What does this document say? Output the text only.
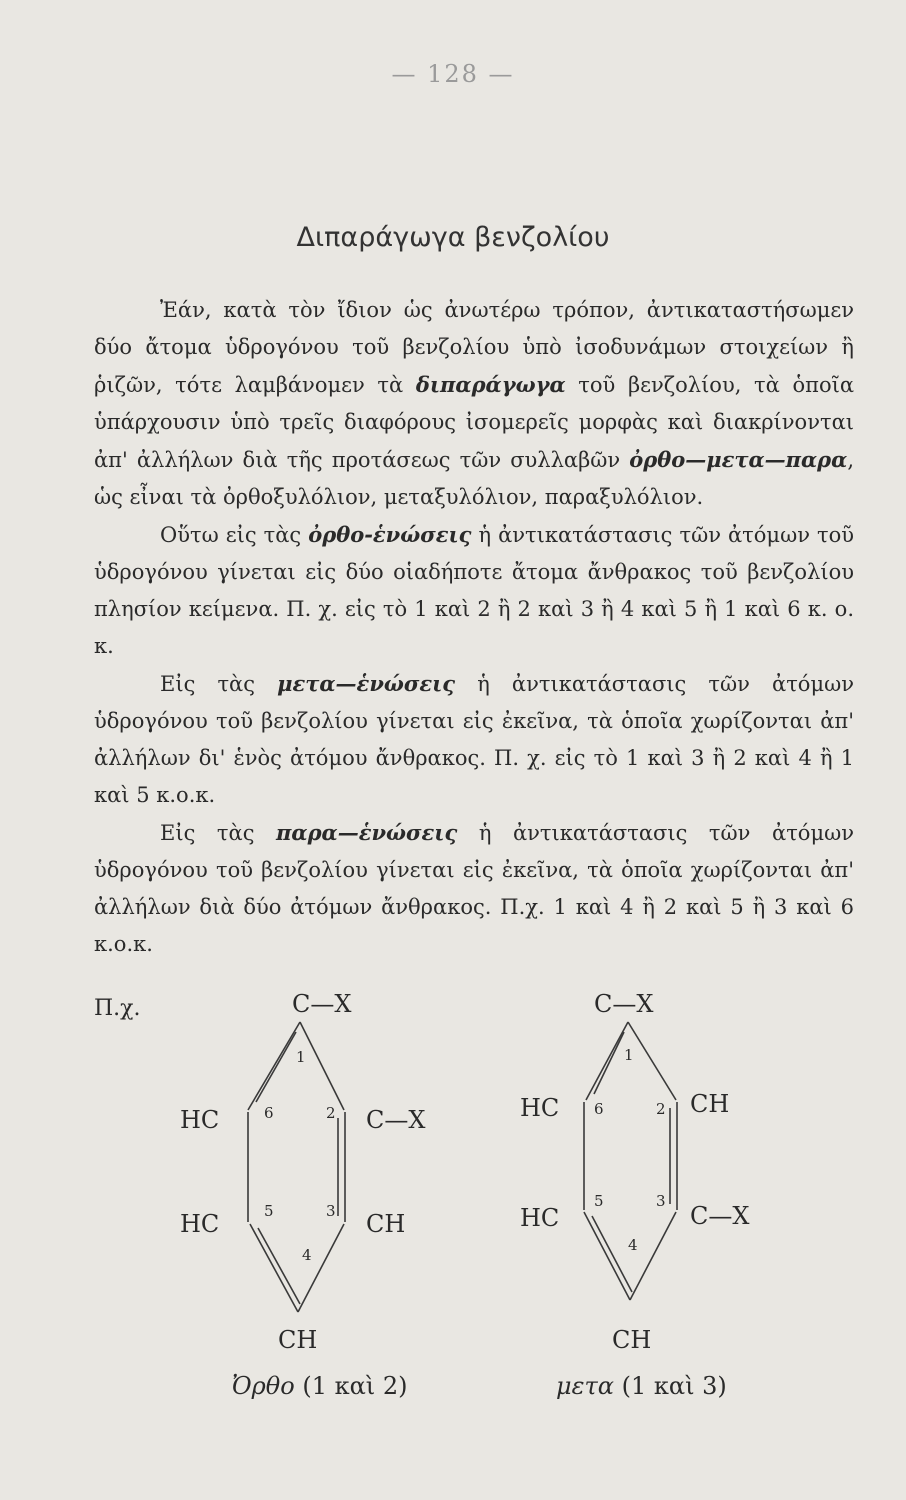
— 128 —
Διπαράγωγα βενζολίου

Ἐάν, κατὰ τὸν ἴδιον ὡς ἀνωτέρω τρόπον, ἀντικαταστήσωμεν δύο ἄτομα ὑδρογόνου τοῦ βενζολίου ὑπὸ ἰσοδυνάμων στοιχείων ἢ ῥιζῶν, τότε λαμβάνομεν τὰ διπαράγωγα τοῦ βενζολίου, τὰ ὁποῖα ὑπάρχουσιν ὑπὸ τρεῖς διαφόρους ἰσομερεῖς μορφὰς καὶ διακρίνονται ἀπ' ἀλλήλων διὰ τῆς προτάσεως τῶν συλλαβῶν ὀρθο—μετα—παρα, ὡς εἶναι τὰ ὀρθοξυλόλιον, μεταξυλόλιον, παραξυλόλιον.

Οὕτω εἰς τὰς ὀρθο-ἑνώσεις ἡ ἀντικατάστασις τῶν ἀτόμων τοῦ ὑδρογόνου γίνεται εἰς δύο οἱαδήποτε ἄτομα ἄνθρακος τοῦ βενζολίου πλησίον κείμενα. Π. χ. εἰς τὸ 1 καὶ 2 ἢ 2 καὶ 3 ἢ 4 καὶ 5 ἢ 1 καὶ 6 κ. ο. κ.

Εἰς τὰς μετα—ἑνώσεις ἡ ἀντικατάστασις τῶν ἀτόμων ὑδρογόνου τοῦ βενζολίου γίνεται εἰς ἐκεῖνα, τὰ ὁποῖα χωρίζονται ἀπ' ἀλλήλων δι' ἑνὸς ἀτόμου ἄνθρακος. Π. χ. εἰς τὸ 1 καὶ 3 ἢ 2 καὶ 4 ἢ 1 καὶ 5 κ.ο.κ.

Εἰς τὰς παρα—ἑνώσεις ἡ ἀντικατάστασις τῶν ἀτόμων ὑδρογόνου τοῦ βενζολίου γίνεται εἰς ἐκεῖνα, τὰ ὁποῖα χωρίζονται ἀπ' ἀλλήλων διὰ δύο ἀτόμων ἄνθρακος. Π.χ. 1 καὶ 4 ἢ 2 καὶ 5 ἢ 3 καὶ 6 κ.ο.κ.

Π.χ.	C—X
HC	C—X
HC	CH
CH
1
2
3
4
5
6
C—X
HC	CH
HC	C—X
CH
1
2
3
4
5
6
Ὀρθο (1 καὶ 2)	μετα (1 καὶ 3)
